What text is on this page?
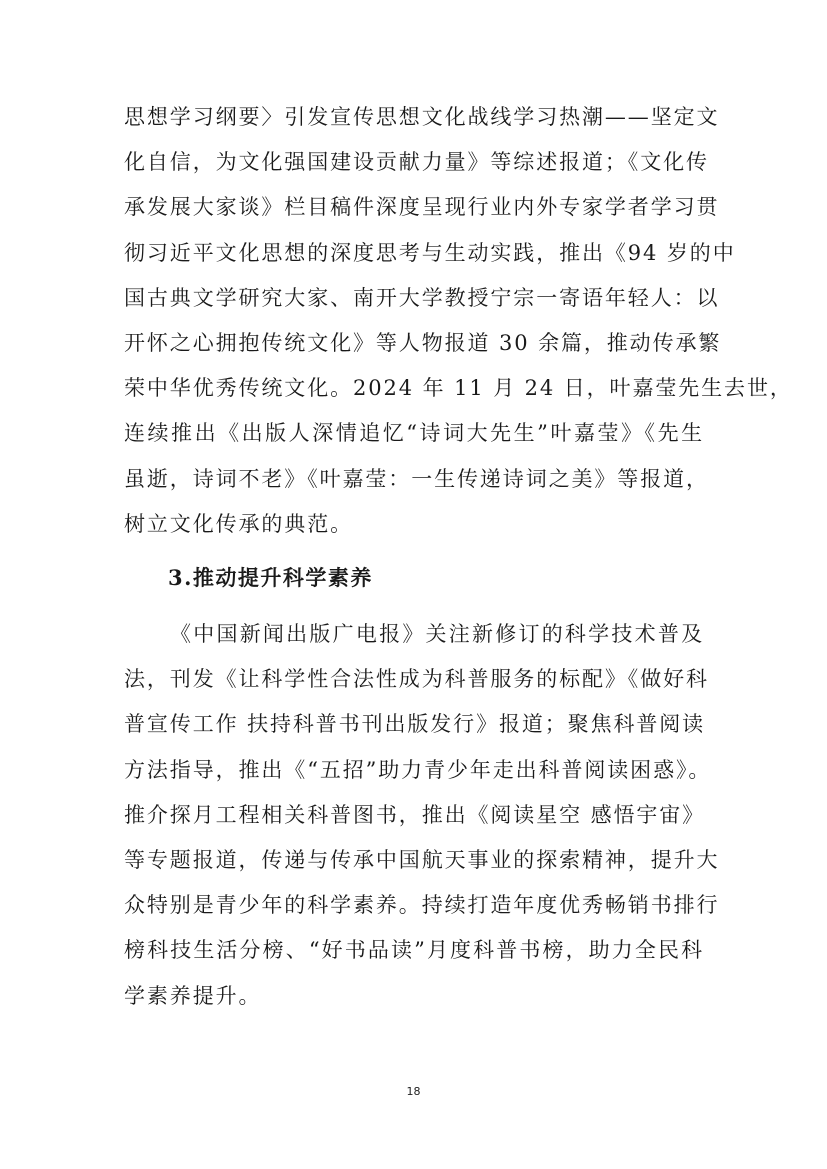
思想学习纲要〉引发宣传思想文化战线学习热潮——坚定文
化自信，为文化强国建设贡献力量》等综述报道；《文化传
承发展大家谈》栏目稿件深度呈现行业内外专家学者学习贯
彻习近平文化思想的深度思考与生动实践，推出《94 岁的中
国古典文学研究大家、南开大学教授宁宗一寄语年轻人：以
开怀之心拥抱传统文化》等人物报道 30 余篇，推动传承繁
荣中华优秀传统文化。2024 年 11 月 24 日，叶嘉莹先生去世，
连续推出《出版人深情追忆“诗词大先生”叶嘉莹》《先生
虽逝，诗词不老》《叶嘉莹：一生传递诗词之美》等报道，
树立文化传承的典范。
3.推动提升科学素养
《中国新闻出版广电报》关注新修订的科学技术普及
法，刊发《让科学性合法性成为科普服务的标配》《做好科
普宣传工作 扶持科普书刊出版发行》报道；聚焦科普阅读
方法指导，推出《“五招”助力青少年走出科普阅读困惑》。
推介探月工程相关科普图书，推出《阅读星空 感悟宇宙》
等专题报道，传递与传承中国航天事业的探索精神，提升大
众特别是青少年的科学素养。持续打造年度优秀畅销书排行
榜科技生活分榜、“好书品读”月度科普书榜，助力全民科
学素养提升。
18
